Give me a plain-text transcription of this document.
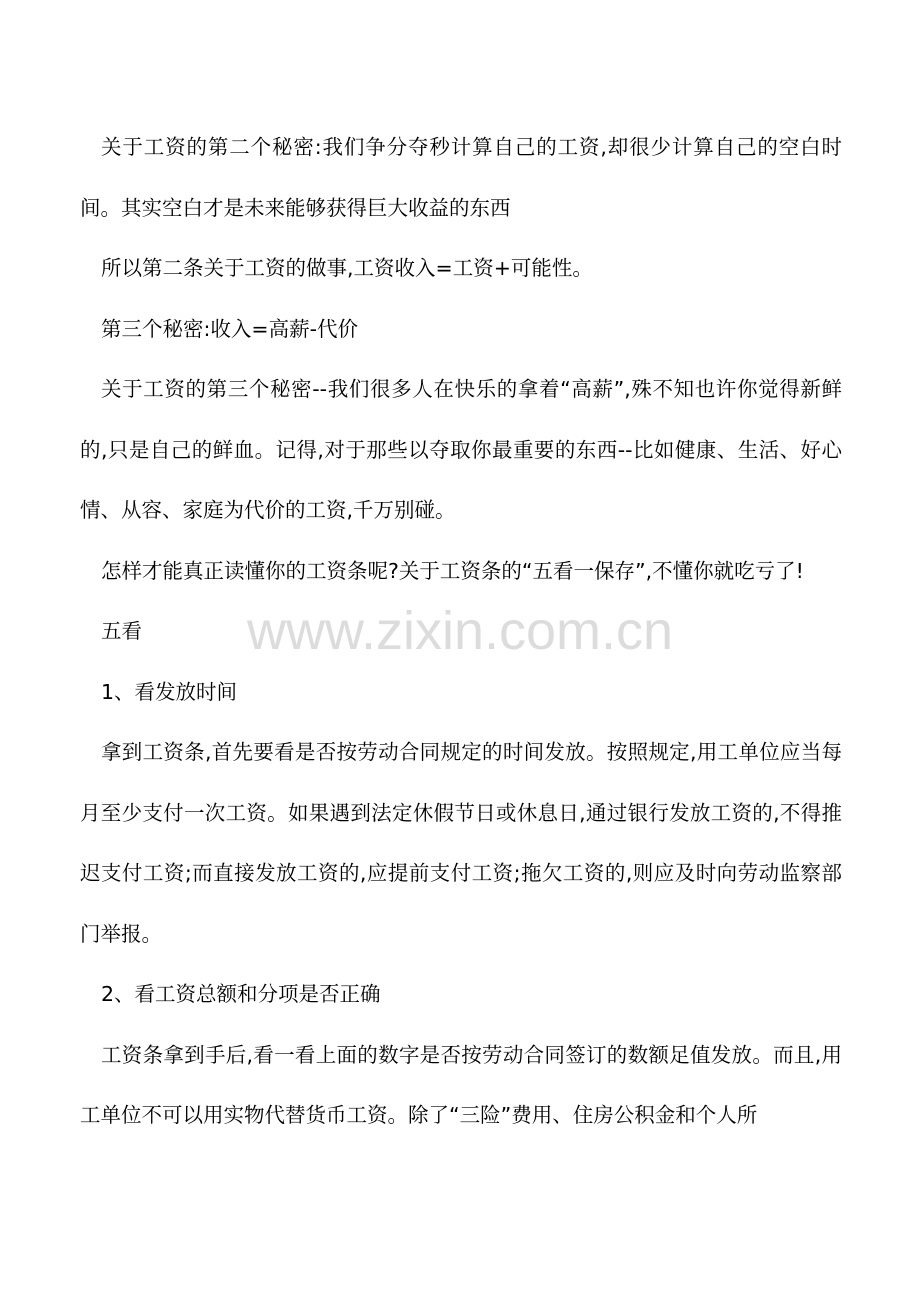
关于工资的第二个秘密:我们争分夺秒计算自己的工资,却很少计算自己的空白时间。其实空白才是未来能够获得巨大收益的东西

所以第二条关于工资的做事,工资收入=工资+可能性。

第三个秘密:收入=高薪-代价

关于工资的第三个秘密--我们很多人在快乐的拿着“高薪”,殊不知也许你觉得新鲜的,只是自己的鲜血。记得,对于那些以夺取你最重要的东西--比如健康、生活、好心情、从容、家庭为代价的工资,千万别碰。

怎样才能真正读懂你的工资条呢?关于工资条的“五看一保存”,不懂你就吃亏了!

五看

1、看发放时间

拿到工资条,首先要看是否按劳动合同规定的时间发放。按照规定,用工单位应当每月至少支付一次工资。如果遇到法定休假节日或休息日,通过银行发放工资的,不得推迟支付工资;而直接发放工资的,应提前支付工资;拖欠工资的,则应及时向劳动监察部门举报。

2、看工资总额和分项是否正确

工资条拿到手后,看一看上面的数字是否按劳动合同签订的数额足值发放。而且,用工单位不可以用实物代替货币工资。除了“三险”费用、住房公积金和个人所

www.zixin.com.cn
